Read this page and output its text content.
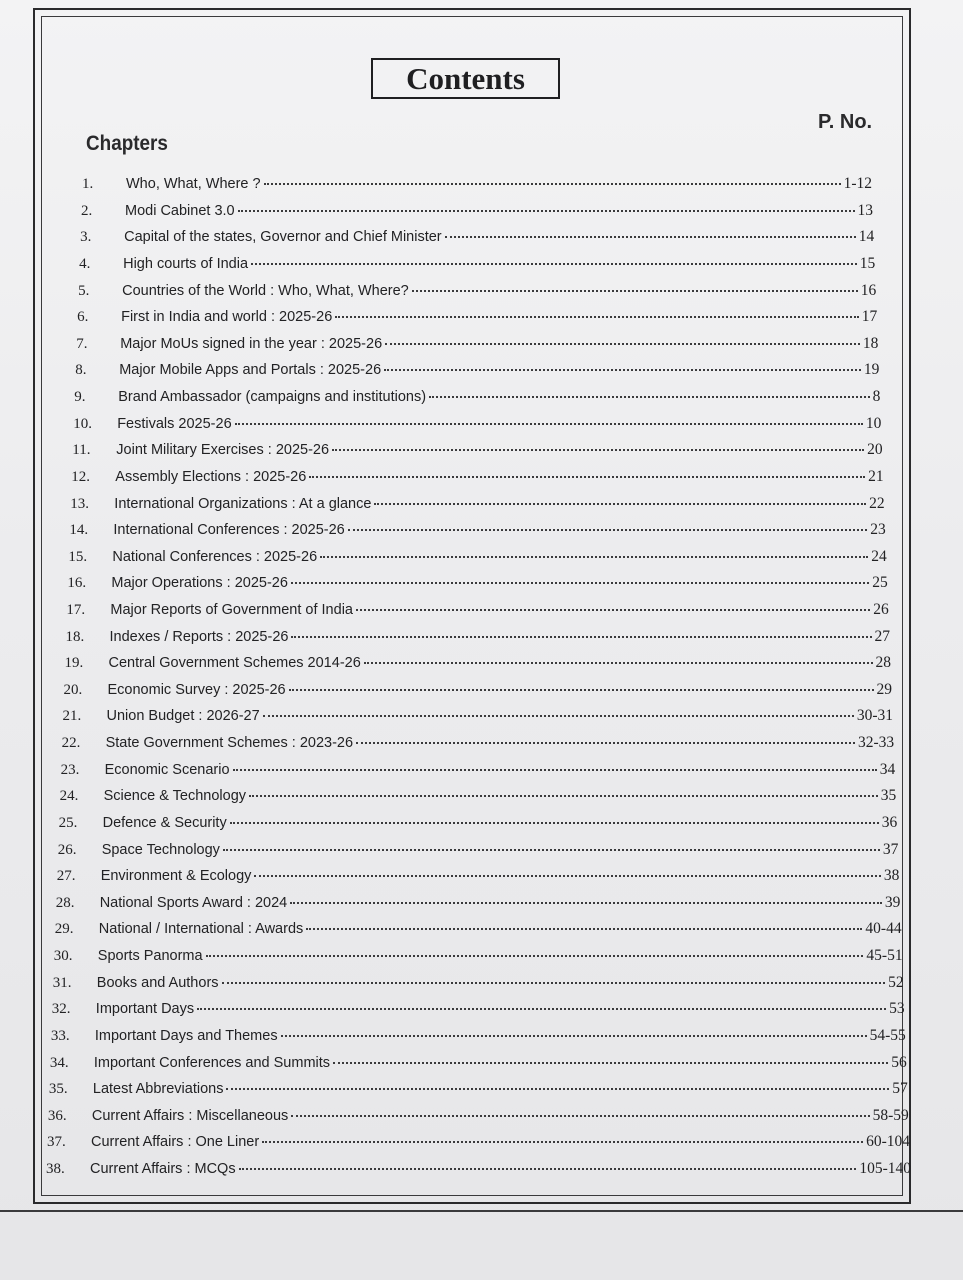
Contents
Chapters
P. No.
1.	Who, What, Where ?	1-12
2.	Modi Cabinet 3.0	13
3.	Capital of the states, Governor and Chief Minister	14
4.	High courts of India	15
5.	Countries of the World : Who, What, Where?	16
6.	First in India and world : 2025-26	17
7.	Major MoUs signed in the year : 2025-26	18
8.	Major Mobile Apps and Portals : 2025-26	19
9.	Brand Ambassador (campaigns and institutions)	8
10.	Festivals 2025-26	10
11.	Joint Military Exercises : 2025-26	20
12.	Assembly Elections : 2025-26	21
13.	International Organizations : At a glance	22
14.	International Conferences : 2025-26	23
15.	National Conferences : 2025-26	24
16.	Major Operations : 2025-26	25
17.	Major Reports of Government of India	26
18.	Indexes / Reports : 2025-26	27
19.	Central Government Schemes 2014-26	28
20.	Economic Survey : 2025-26	29
21.	Union Budget : 2026-27	30-31
22.	State Government Schemes : 2023-26	32-33
23.	Economic Scenario	34
24.	Science & Technology	35
25.	Defence & Security	36
26.	Space Technology	37
27.	Environment & Ecology	38
28.	National Sports Award : 2024	39
29.	National / International : Awards	40-44
30.	Sports Panorma	45-51
31.	Books and Authors	52
32.	Important Days	53
33.	Important Days and Themes	54-55
34.	Important Conferences and Summits	56
35.	Latest Abbreviations	57
36.	Current Affairs : Miscellaneous	58-59
37.	Current Affairs : One Liner	60-104
38.	Current Affairs : MCQs	105-140
